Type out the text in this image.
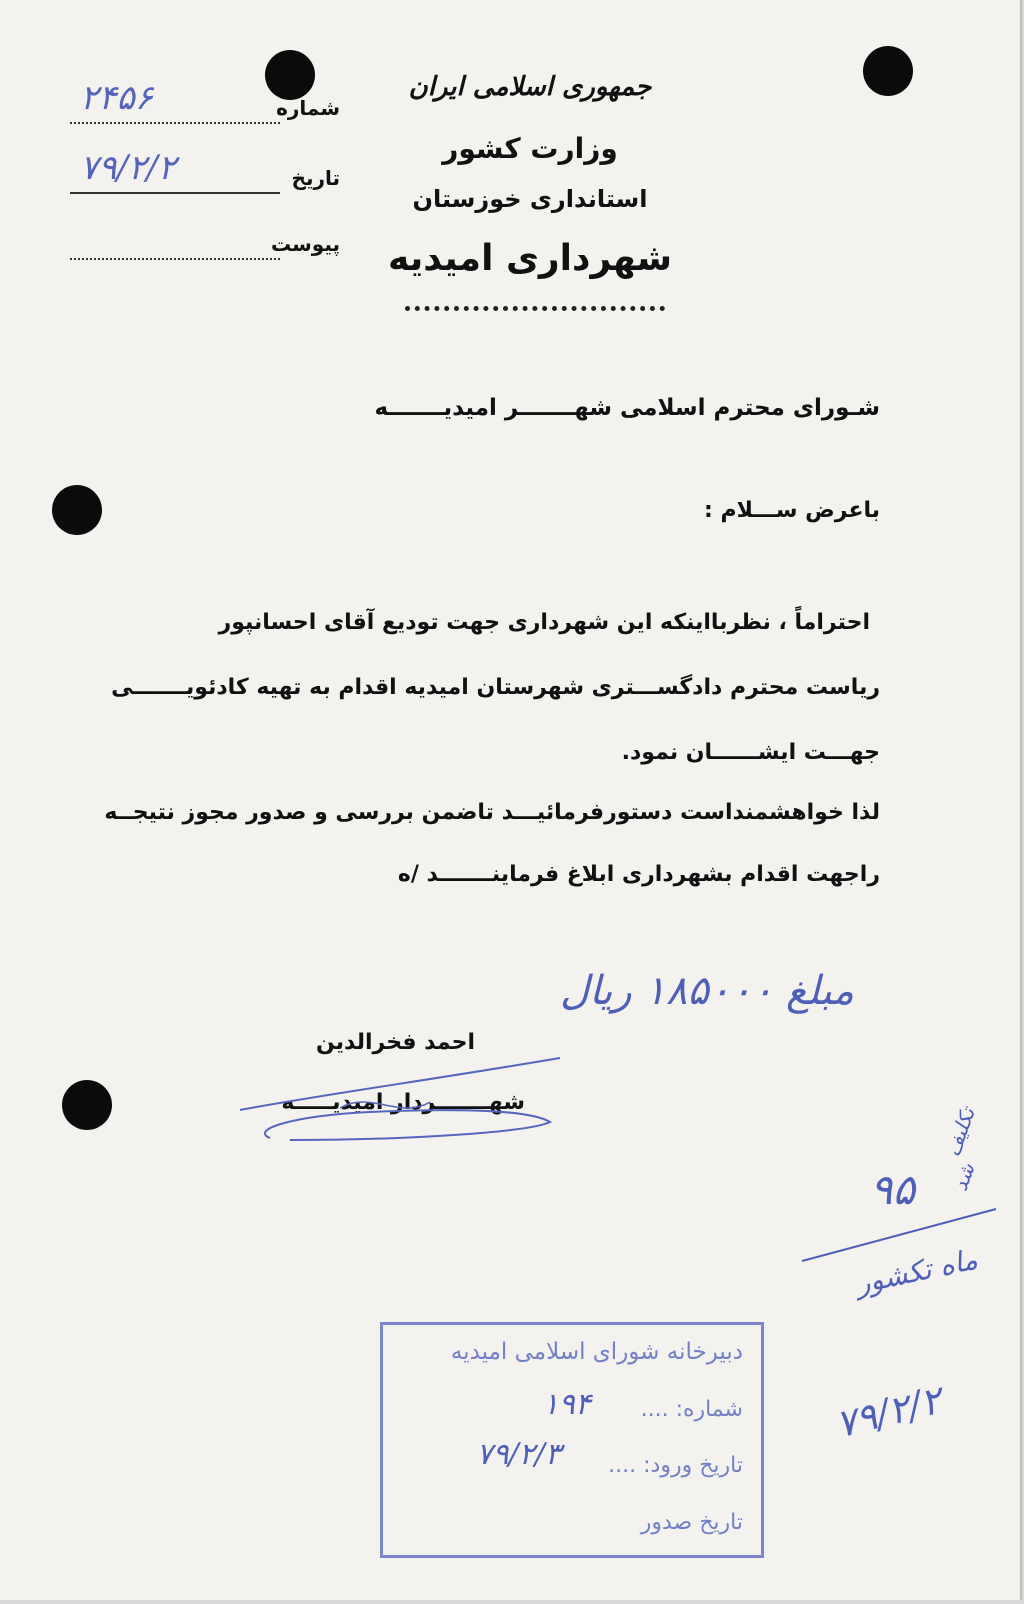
شماره
۲۴۵۶
تاریخ
۷۹/۲/۲
پیوست
جمهوری اسلامی ایران
وزارت کشور
استانداری خوزستان
شهرداری امیدیه
شـورای محترم اسلامی شهـــــــر امیدیـــــــه
باعرض ســـلام :
احتراماً ، نظربااینکه این شهرداری جهت تودیع آقای احسانپور
ریاست محترم دادگســـتری شهرستان امیدیه اقدام به تهیه کادئویـــــــی
جهـــت ایشــــــان نمود.
لذا خواهشمنداست دستورفرمائیـــد تاضمن بررسی و صدور مجوز نتیجــه
راجهت اقدام بشهرداری ابلاغ فرماینـــــــد /ه
مبلغ ۱۸۵۰۰۰ ریال
احمد فخرالدین
شهـــــــردار امیدیـــــه
۹۵
تکلیف
شد
ماه تکشور
۷۹/۲/۲
دبیرخانه شورای اسلامی امیدیه
شماره: ....
۱۹۴
تاریخ ورود: ....
۷۹/۲/۳
تاریخ صدور
